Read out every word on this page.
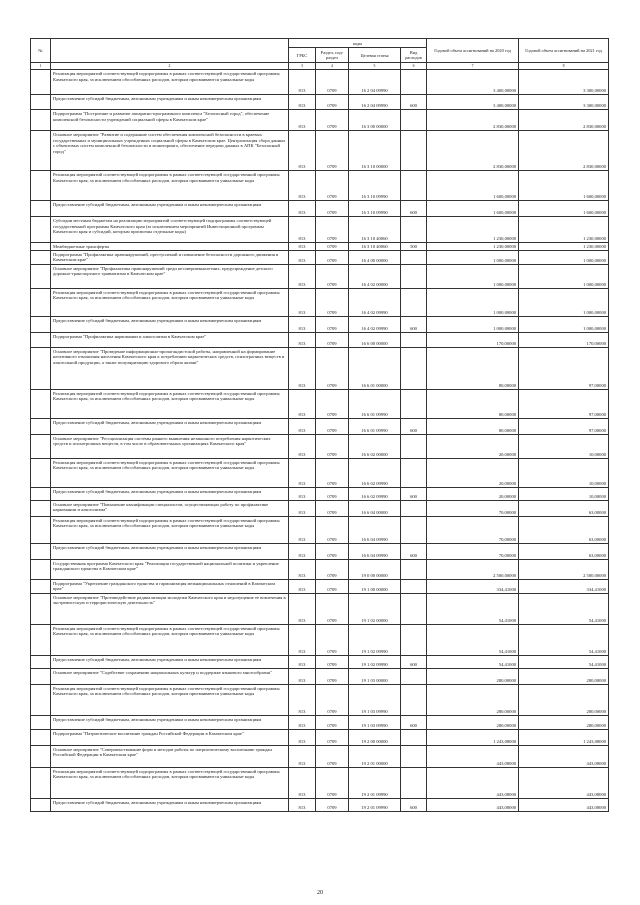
№		коды				Годовой объем ассигнований на 2020 год	Годовой объем ассигнований на 2021 год
		ГРБС	Раздел, под-раздел	Целевая статья	Вид расходов		
1	2	3	4	5	6	7	8
	Реализация мероприятий соответствующей подпрограммы в рамках соответствующей государственной программы Камчатского края, за исключением обособленных расходов, которым присваиваются уникальные коды	813	0709	16 2 04 09990		3 400,00000	3 300,00000
	Предоставление субсидий бюджетным, автономным учреждениям и иным некоммерческим организациям	813	0709	16 2 04 09990	600	3 400,00000	3 300,00000
	Подпрограмма "Построение и развитие аппаратно-программного комплекса "Безопасный город", обеспечение комплексной безопасности учреждений социальной сферы в Камчатском крае"	813	0709	16 3 00 00000		2 830,00000	2 830,00000
	Основное мероприятие "Развитие и содержание систем обеспечения комплексной безопасности в краевых государственных и муниципальных учреждениях социальной сферы в Камчатском крае. Централизация сбора данных с объектовых систем комплексной безопасности и мониторинга, обеспечение передачи данных в АПК "Безопасный город"	813	0709	16 3 10 00000		2 830,00000	2 830,00000
	Реализация мероприятий соответствующей подпрограммы в рамках соответствующей государственной программы Камчатского края, за исключением обособленных расходов, которым присваиваются уникальные коды	813	0709	16 3 10 09990		1 600,00000	1 600,00000
	Предоставление субсидий бюджетным, автономным учреждениям и иным некоммерческим организациям	813	0709	16 3 10 09990	600	1 600,00000	1 600,00000
	Субсидии местным бюджетам на реализацию мероприятий соответствующей подпрограммы соответствующей государственной программы Камчатского края (за исключением мероприятий Инвестиционной программы Камчатского края и субсидий, которым присвоены отдельные коды)	813	0709	16 3 10 40060		1 230,00000	1 230,00000
	Межбюджетные трансферты	813	0709	16 3 10 40060	500	1 230,00000	1 230,00000
	Подпрограмма "Профилактика правонарушений, преступлений и повышение безопасности дорожного движения в Камчатском крае"	813	0709	16 4 00 00000		1 000,00000	1 000,00000
	Основное мероприятие "Профилактика правонарушений среди несовершеннолетних, предупреждение детского дорожно-транспортного травматизма в Камчатском крае"	813	0709	16 4 02 00000		1 000,00000	1 000,00000
	Реализация мероприятий соответствующей подпрограммы в рамках соответствующей государственной программы Камчатского края, за исключением обособленных расходов, которым присваиваются уникальные коды	813	0709	16 4 02 09990		1 000,00000	1 000,00000
	Предоставление субсидий бюджетным, автономным учреждениям и иным некоммерческим организациям	813	0709	16 4 02 09990	600	1 000,00000	1 000,00000
	Подпрограмма "Профилактика наркомании и алкоголизма в Камчатском крае"	813	0709	16 6 00 00000		170,00000	170,00000
	Основное мероприятие "Проведение информационно-пропагандистской работы, направленной на формирование негативного отношения населения Камчатского края к потреблению наркотических средств, психотропных веществ и алкогольной продукции, а также популяризацию здорового образа жизни"	813	0709	16 6 01 00000		80,00000	97,00000
	Реализация мероприятий соответствующей подпрограммы в рамках соответствующей государственной программы Камчатского края, за исключением обособленных расходов, которым присваиваются уникальные коды	813	0709	16 6 01 09990		80,00000	97,00000
	Предоставление субсидий бюджетным, автономным учреждениям и иным некоммерческим организациям	813	0709	16 6 01 09990	600	80,00000	97,00000
	Основное мероприятие "Ресоциализация системы раннего выявления незаконного потребления наркотических средств и психотропных веществ, в том числе в образовательных организациях Камчатского края"	813	0709	16 6 02 00000		20,00000	10,00000
	Реализация мероприятий соответствующей подпрограммы в рамках соответствующей государственной программы Камчатского края, за исключением обособленных расходов, которым присваиваются уникальные коды	813	0709	16 6 02 09990		20,00000	10,00000
	Предоставление субсидий бюджетным, автономным учреждениям и иным некоммерческим организациям	813	0709	16 6 02 09990	600	20,00000	10,00000
	Основное мероприятие "Повышение квалификации специалистов, осуществляющих работу по профилактике наркомании и алкоголизма"	813	0709	16 6 04 00000		70,00000	63,00000
	Реализация мероприятий соответствующей подпрограммы в рамках соответствующей государственной программы Камчатского края, за исключением обособленных расходов, которым присваиваются уникальные коды	813	0709	16 6 04 09990		70,00000	63,00000
	Предоставление субсидий бюджетным, автономным учреждениям и иным некоммерческим организациям	813	0709	16 6 04 09990	600	70,00000	63,00000
	Государственная программа Камчатского края "Реализация государственной национальной политики и укрепление гражданского единства в Камчатском крае"	813	0709	19 0 00 00000		2 500,00000	2 500,00000
	Подпрограмма "Укрепление гражданского единства и гармонизация межнациональных отношений в Камчатском крае"	813	0709	19 1 00 00000		334,41000	334,41000
	Основное мероприятие "Противодействие радикализации молодежи Камчатского края и недопущение ее вовлечения в экстремистскую и террористическую деятельность"	813	0709	19 1 02 00000		54,41000	54,41000
	Реализация мероприятий соответствующей подпрограммы в рамках соответствующей государственной программы Камчатского края, за исключением обособленных расходов, которым присваиваются уникальные коды	813	0709	19 1 02 09990		54,41000	54,41000
	Предоставление субсидий бюджетным, автономным учреждениям и иным некоммерческим организациям	813	0709	19 1 02 09990	600	54,41000	54,41000
	Основное мероприятие "Содействие сохранению национальных культур и поддержке языкового многообразия"	813	0709	19 1 03 00000		280,00000	280,00000
	Реализация мероприятий соответствующей подпрограммы в рамках соответствующей государственной программы Камчатского края, за исключением обособленных расходов, которым присваиваются уникальные коды	813	0709	19 1 03 09990		280,00000	280,00000
	Предоставление субсидий бюджетным, автономным учреждениям и иным некоммерческим организациям	813	0709	19 1 03 09990	600	280,00000	280,00000
	Подпрограмма "Патриотическое воспитание граждан Российской Федерации в Камчатском крае"	813	0709	19 2 00 00000		1 243,08000	1 243,08000
	Основное мероприятие "Совершенствование форм и методов работы по патриотическому воспитанию граждан Российской Федерации в Камчатском крае"	813	0709	19 2 01 00000		443,08000	443,08000
	Реализация мероприятий соответствующей подпрограммы в рамках соответствующей государственной программы Камчатского края, за исключением обособленных расходов, которым присваиваются уникальные коды	813	0709	19 2 01 09990		443,08000	443,08000
	Предоставление субсидий бюджетным, автономным учреждениям и иным некоммерческим организациям	813	0709	19 2 01 09990	600	443,08000	443,08000
20
